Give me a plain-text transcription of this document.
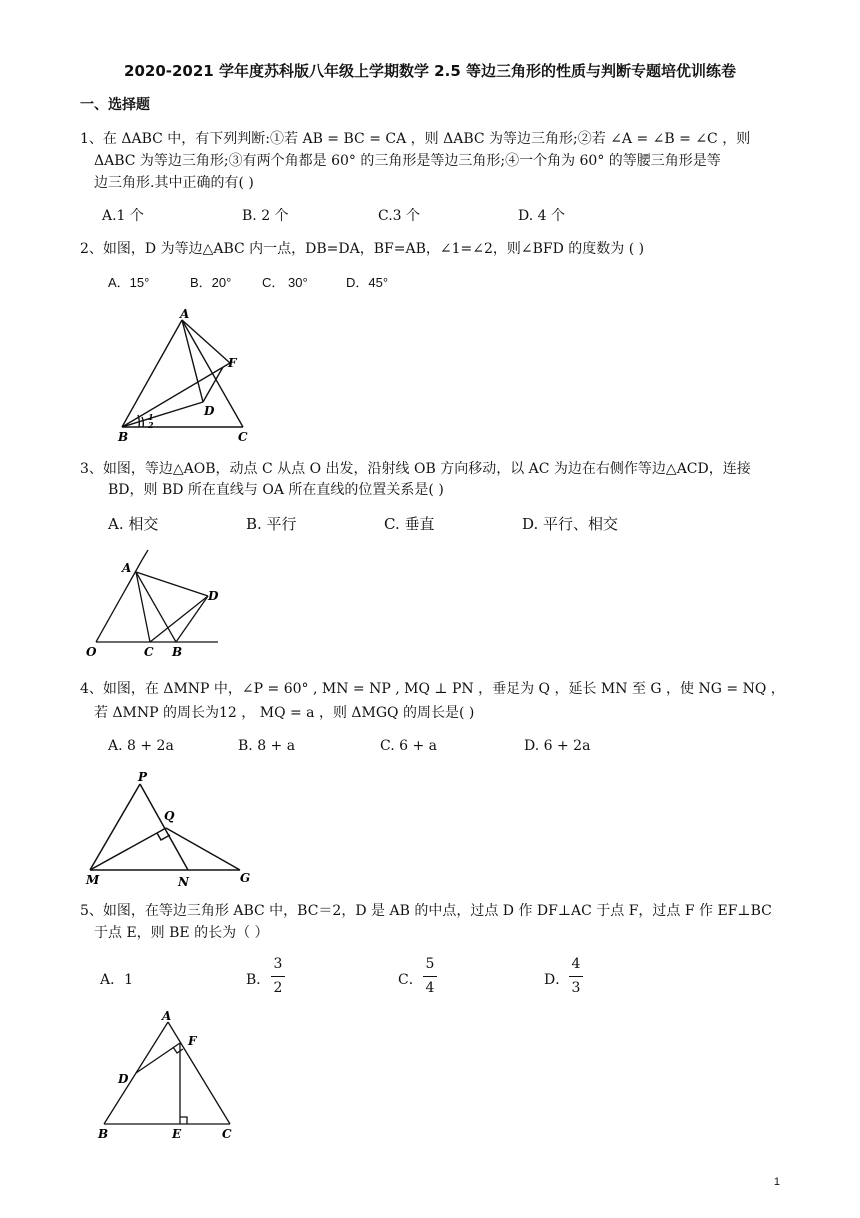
2020-2021 学年度苏科版八年级上学期数学 2.5 等边三角形的性质与判断专题培优训练卷
一、选择题
1、在 ΔABC 中，有下列判断:①若 AB = BC = CA ，则 ΔABC 为等边三角形;②若 ∠A = ∠B = ∠C ，则
ΔABC 为等边三角形;③有两个角都是 60° 的三角形是等边三角形;④一个角为 60° 的等腰三角形是等
边三角形.其中正确的有( )
A.1 个	B. 2 个	C.3 个	D. 4 个
2、如图，D 为等边△ABC 内一点，DB=DA，BF=AB，∠1=∠2，则∠BFD 的度数为 ( )
A．15°	B．20° C． 30°	D．45°
A
F
D
B	C
1
2
3、如图，等边△AOB，动点 C 从点 O 出发，沿射线 OB 方向移动，以 AC 为边在右侧作等边△ACD，连接
BD，则 BD 所在直线与 OA 所在直线的位置关系是( )
A. 相交	B. 平行	C. 垂直	D. 平行、相交
A
D
O	C B
4、如图，在 ΔMNP 中，∠P = 60° , MN = NP , MQ ⊥ PN ，垂足为 Q ，延长 MN 至 G ，使 NG = NQ ，
若 ΔMNP 的周长为12 ， MQ = a ，则 ΔMGQ 的周长是( )
A. 8 + 2a	B. 8 + a	C. 6 + a	D. 6 + 2a
P
Q
M	N	G
5、如图，在等边三角形 ABC 中，BC＝2，D 是 AB 的中点，过点 D 作 DF⊥AC 于点 F，过点 F 作 EF⊥BC
于点 E，则 BE 的长为（ ）
A．1	B．
3
2	C．
5
4	D．
4
3
A
F
D
B	E	C
1
